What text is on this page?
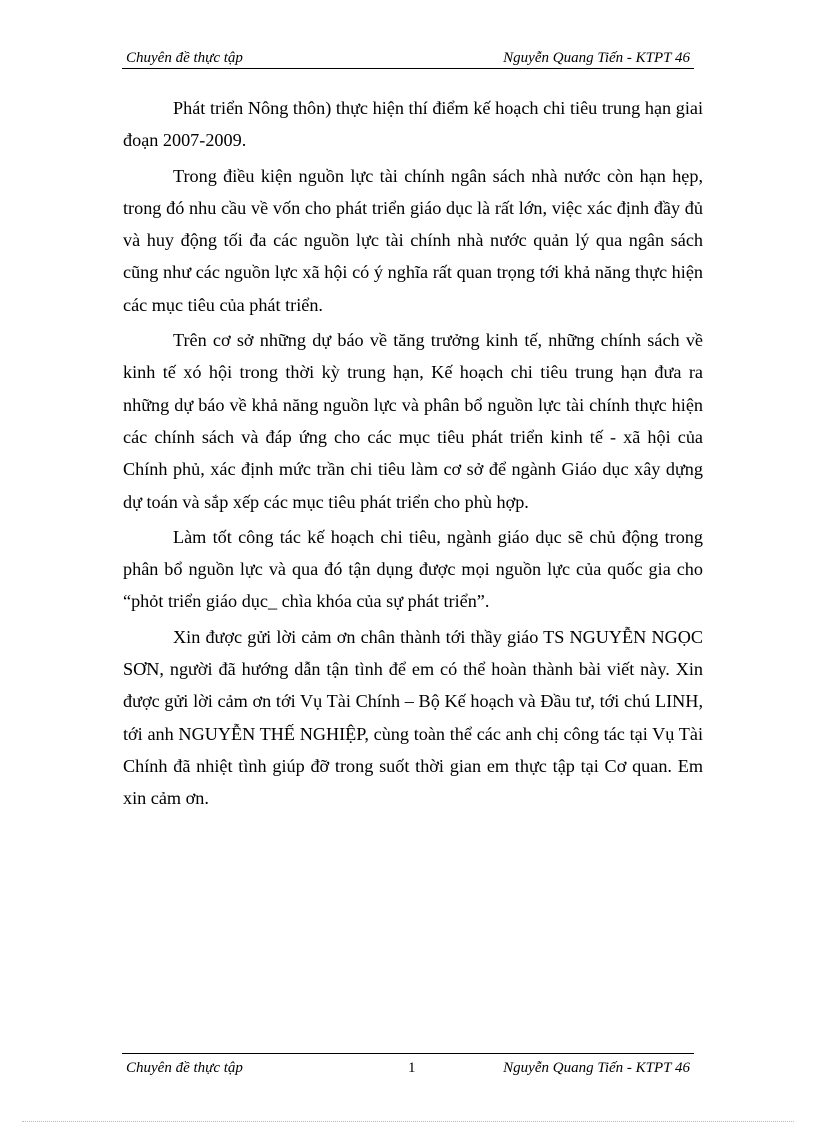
Chuyên đề thực tập	Nguyễn Quang Tiến - KTPT 46

Phát triển Nông thôn) thực hiện thí điểm kế hoạch chi tiêu trung hạn giai đoạn 2007-2009.

Trong điều kiện nguồn lực tài chính ngân sách nhà nước còn hạn hẹp, trong đó nhu cầu về vốn cho phát triển giáo dục là rất lớn, việc xác định đầy đủ và huy động tối đa các nguồn lực tài chính nhà nước quản lý qua ngân sách cũng như các nguồn lực xã hội có ý nghĩa rất quan trọng tới khả năng thực hiện các mục tiêu của phát triển.

Trên cơ sở những dự báo về tăng trưởng kinh tế, những chính sách về kinh tế xó hội trong thời kỳ trung hạn, Kế hoạch chi tiêu trung hạn đưa ra những dự báo về khả năng nguồn lực và phân bổ nguồn lực tài chính thực hiện các chính sách và đáp ứng cho các mục tiêu phát triển kinh tế - xã hội của Chính phủ, xác định mức trần chi tiêu làm cơ sở để ngành Giáo dục xây dựng dự toán và sắp xếp các mục tiêu phát triển cho phù hợp.

Làm tốt công tác kế hoạch chi tiêu, ngành giáo dục sẽ chủ động trong phân bổ nguồn lực và qua đó tận dụng được mọi nguồn lực của quốc gia cho “phỏt triển giáo dục_ chìa khóa của sự phát triển”.

Xin được gửi lời cảm ơn chân thành tới thầy giáo TS NGUYỄN NGỌC SƠN, người đã hướng dẫn tận tình để em có thể hoàn thành bài viết này. Xin được gửi lời cảm ơn tới Vụ Tài Chính – Bộ Kế hoạch và Đầu tư, tới chú LINH, tới anh NGUYỄN THẾ NGHIỆP, cùng toàn thể các anh chị công tác tại Vụ Tài Chính đã nhiệt tình giúp đỡ trong suốt thời gian em thực tập tại Cơ quan. Em xin cảm ơn.

Chuyên đề thực tập	1	Nguyễn Quang Tiến - KTPT 46
